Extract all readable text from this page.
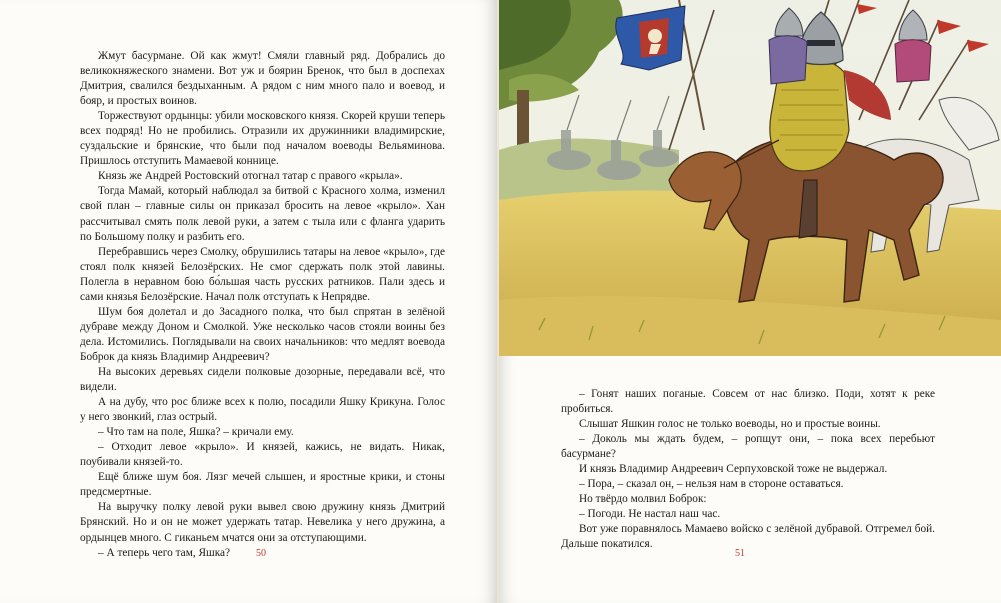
Жмут басурмане. Ой как жмут! Смяли главный ряд. Добрались до великокняжеского знамени. Вот уж и боярин Бренок, что был в доспехах Дмитрия, свалился бездыханным. А рядом с ним много пало и воевод, и бояр, и простых воинов.

Торжествуют ордынцы: убили московского князя. Скорей круши теперь всех подряд! Но не пробились. Отразили их дружинники владимирские, суздальские и брянские, что были под началом воеводы Вельяминова. Пришлось отступить Мамаевой коннице.

Князь же Андрей Ростовский отогнал татар с правого «крыла».

Тогда Мамай, который наблюдал за битвой с Красного холма, изменил свой план – главные силы он приказал бросить на левое «крыло». Хан рассчитывал смять полк левой руки, а затем с тыла или с фланга ударить по Большому полку и разбить его.

Перебравшись через Смолку, обрушились татары на левое «крыло», где стоял полк князей Белозёрских. Не смог сдержать полк этой лавины. Полегла в неравном бою бо́льшая часть русских ратников. Пали здесь и сами князья Белозёрские. Начал полк отступать к Непрядве.

Шум боя долетал и до Засадного полка, что был спрятан в зелёной дубраве между Доном и Смолкой. Уже несколько часов стояли воины без дела. Истомились. Поглядывали на своих начальников: что медлят воевода Боброк да князь Владимир Андреевич?

На высоких деревьях сидели полковые дозорные, передавали всё, что видели.

А на дубу, что рос ближе всех к полю, посадили Яшку Крикуна. Голос у него звонкий, глаз острый.

– Что там на поле, Яшка? – кричали ему.

– Отходит левое «крыло». И князей, кажись, не видать. Никак, поубивали князей-то.

Ещё ближе шум боя. Лязг мечей слышен, и яростные крики, и стоны предсмертные.

На выручку полку левой руки вывел свою дружину князь Дмитрий Брянский. Но и он не может удержать татар. Невелика у него дружина, а ордынцев много. С гиканьем мчатся они за отступающими.

– А теперь чего там, Яшка?	50

– Гонят наших поганые. Совсем от нас близко. Поди, хотят к реке пробиться.

Слышат Яшкин голос не только воеводы, но и простые воины.

– Доколь мы ждать будем, – ропщут они, – пока всех перебьют басурмане?

И князь Владимир Андреевич Серпуховской тоже не выдержал.

– Пора, – сказал он, – нельзя нам в стороне оставаться.

Но твёрдо молвил Боброк:

– Погоди. Не настал наш час.

Вот уже поравнялось Мамаево войско с зелёной дубравой. Отгремел бой. Дальше покатился.

51
